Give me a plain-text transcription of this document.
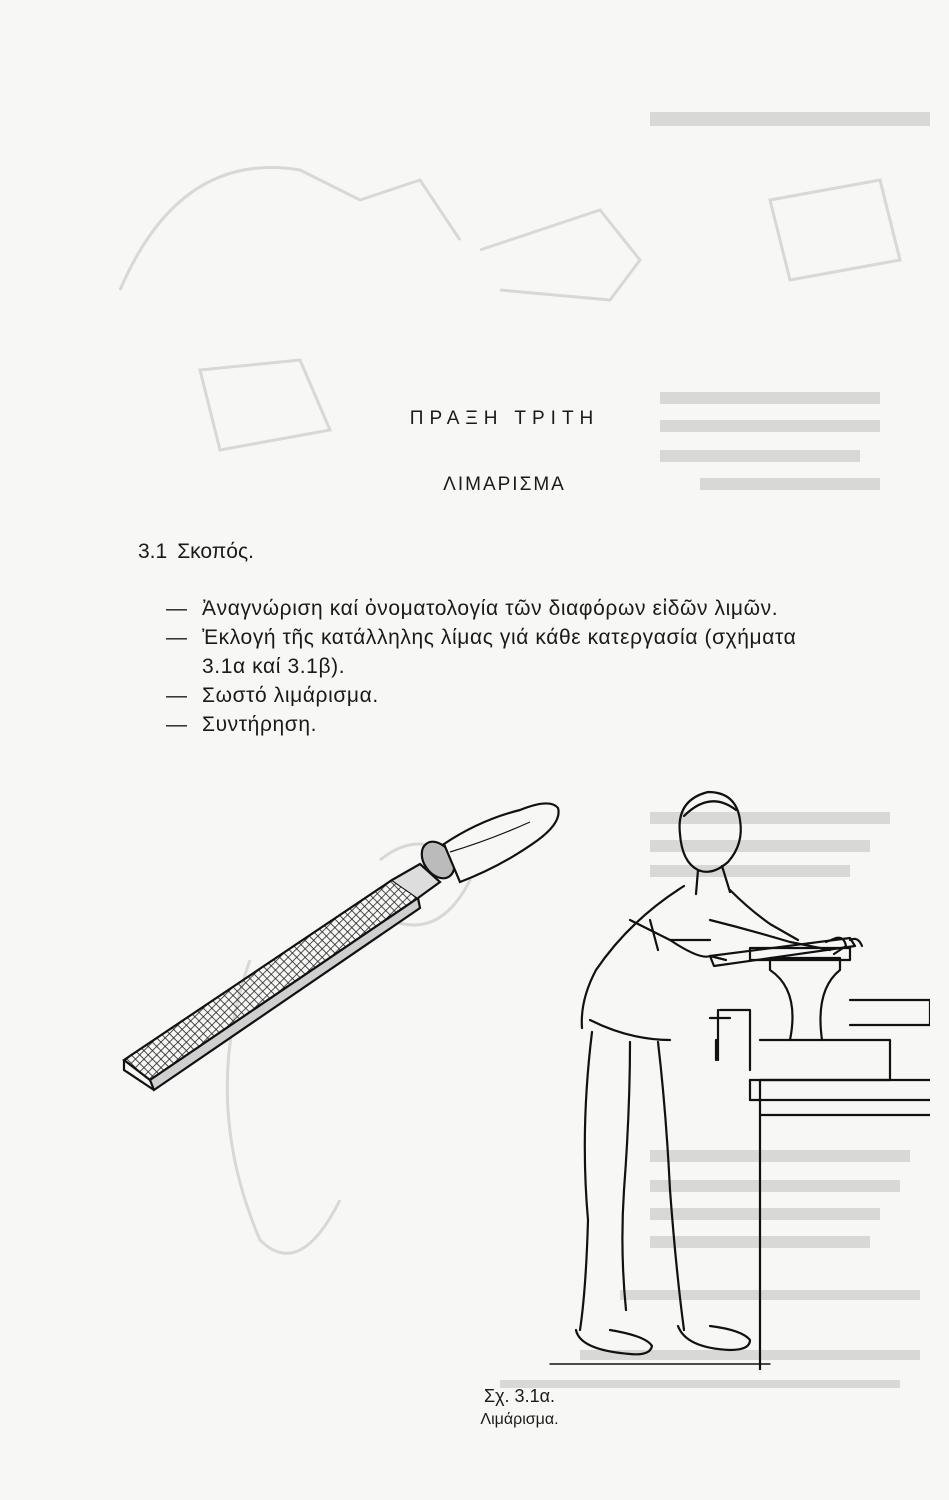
ΠΡΑΞΗ ΤΡΙΤΗ
ΛΙΜΑΡΙΣΜΑ
3.1 Σκοπός.
— Ἀναγνώριση καί ὀνοματολογία τῶν διαφόρων εἰδῶν λιμῶν.
— Ἐκλογή τῆς κατάλληλης λίμας γιά κάθε κατεργασία (σχήματα
3.1α καί 3.1β).
— Σωστό λιμάρισμα.
— Συντήρηση.
Σχ. 3.1α.
Λιμάρισμα.
